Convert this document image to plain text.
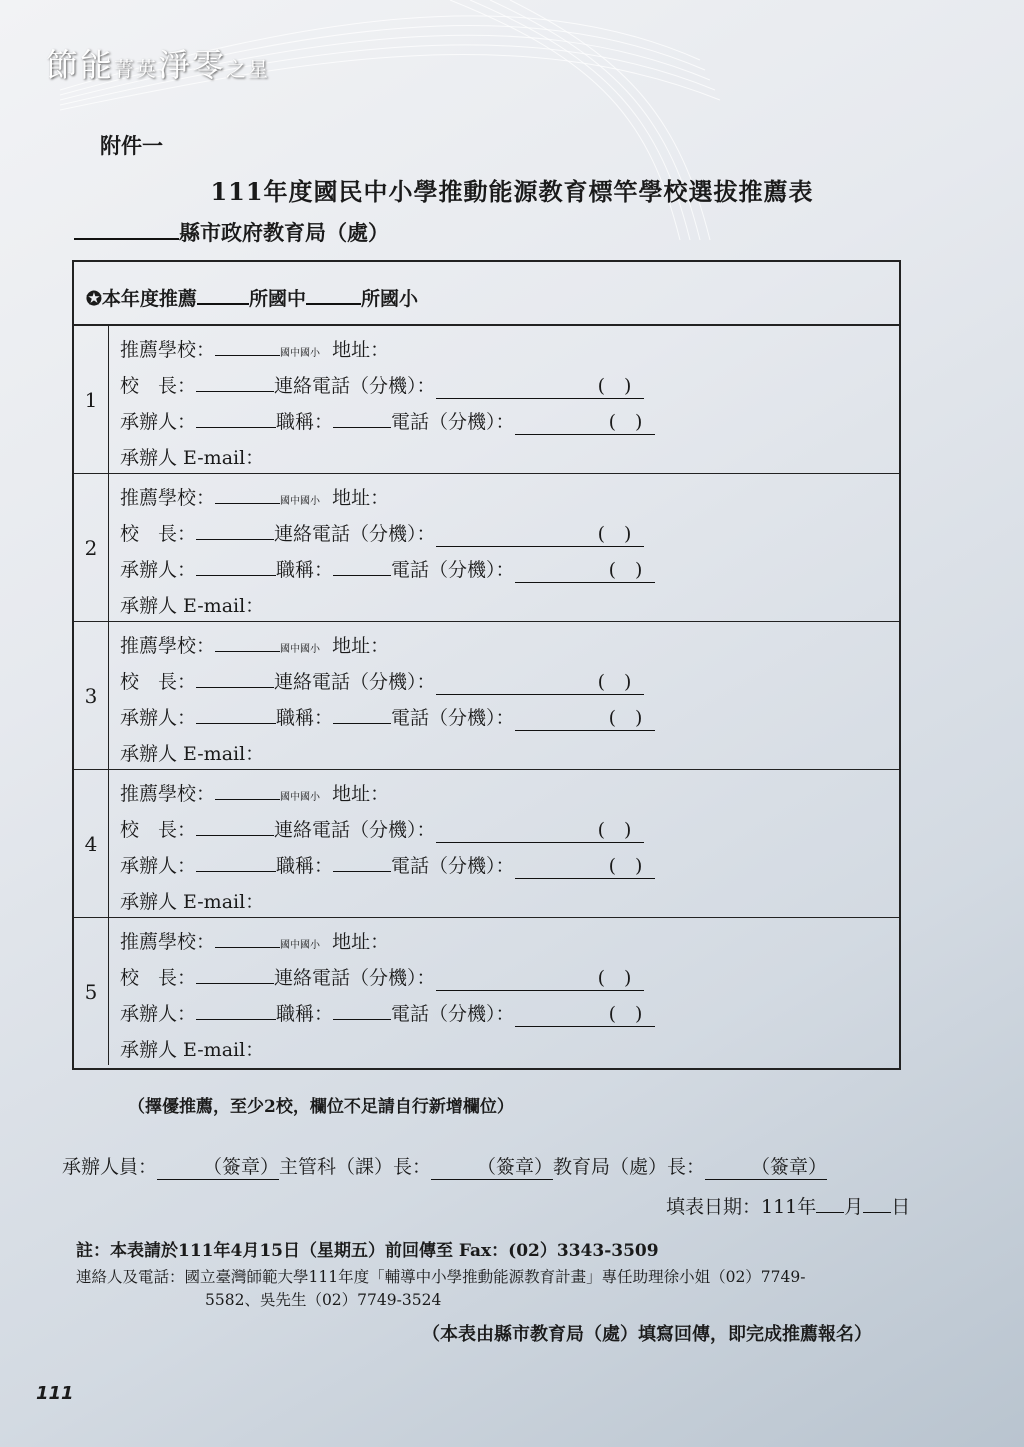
節能菁英淨零之星
附件一
111年度國民中小學推動能源教育標竿學校選拔推薦表
縣市政府教育局（處）
✪本年度推薦	所國中	所國小
1
推薦學校：	國中國小 地址：
校　長：	連絡電話（分機）：	(　)
承辦人：	職稱：	電話（分機）：	(　)
承辦人 E-mail：
2
推薦學校：	國中國小 地址：
校　長：	連絡電話（分機）：	(　)
承辦人：	職稱：	電話（分機）：	(　)
承辦人 E-mail：
3
推薦學校：	國中國小 地址：
校　長：	連絡電話（分機）：	(　)
承辦人：	職稱：	電話（分機）：	(　)
承辦人 E-mail：
4
推薦學校：	國中國小 地址：
校　長：	連絡電話（分機）：	(　)
承辦人：	職稱：	電話（分機）：	(　)
承辦人 E-mail：
5
推薦學校：	國中國小 地址：
校　長：	連絡電話（分機）：	(　)
承辦人：	職稱：	電話（分機）：	(　)
承辦人 E-mail：
（擇優推薦，至少2校，欄位不足請自行新增欄位）
承辦人員： （簽章）主管科（課）長： （簽章）教育局（處）長： （簽章）
填表日期：111年 月 日
註：本表請於111年4月15日（星期五）前回傳至 Fax：(02）3343-3509
連絡人及電話：國立臺灣師範大學111年度「輔導中小學推動能源教育計畫」專任助理徐小姐（02）7749-
5582、吳先生（02）7749-3524
（本表由縣市教育局（處）填寫回傳，即完成推薦報名）
111
